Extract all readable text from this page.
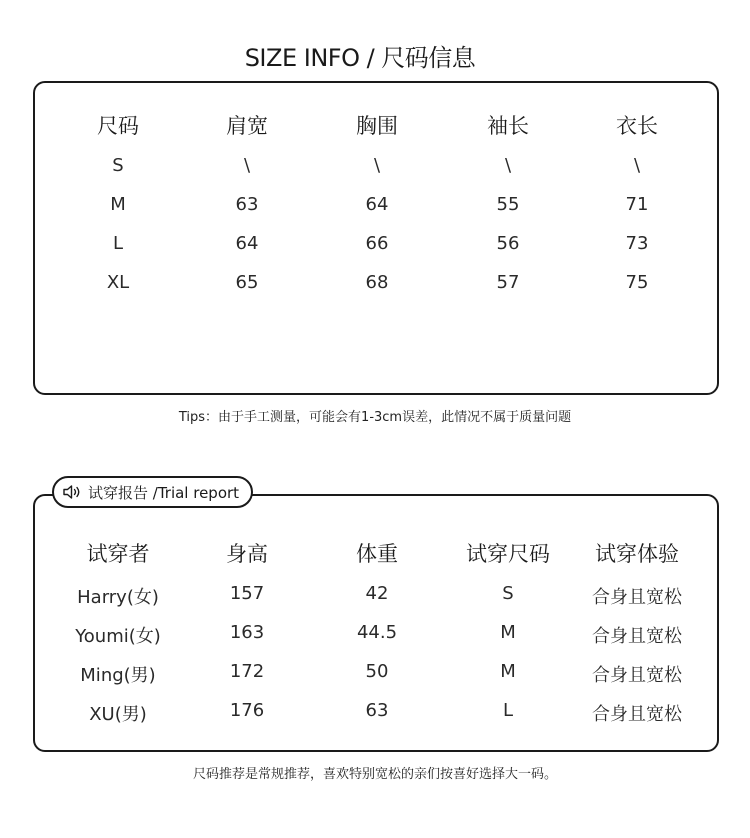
SIZE INFO / 尺码信息
尺码	肩宽	胸围	袖长	衣长
S	\	\	\	\
M	63	64	55	71
L	64	66	56	73
XL	65	68	57	75
Tips：由于手工测量，可能会有1-3cm误差，此情况不属于质量问题
试穿者	身高	体重	试穿尺码	试穿体验
Harry(女)	157	42	S	合身且宽松
Youmi(女)	163	44.5	M	合身且宽松
Ming(男)	172	50	M	合身且宽松
XU(男)	176	63	L	合身且宽松
试穿报告 /Trial report
尺码推荐是常规推荐，喜欢特别宽松的亲们按喜好选择大一码。
